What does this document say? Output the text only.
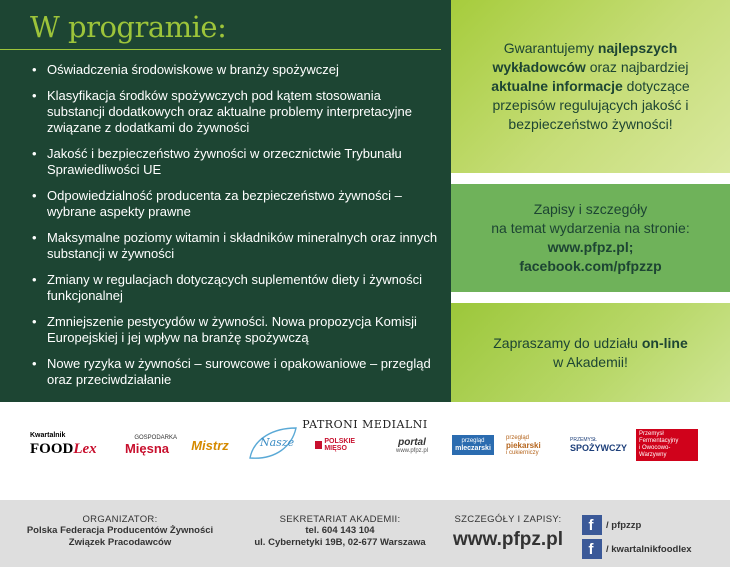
W programie:
• Oświadczenia środowiskowe w branży spożywczej
• Klasyfikacja środków spożywczych pod kątem stosowania substancji dodatkowych oraz aktualne problemy interpretacyjne związane z dodatkami do żywności
• Jakość i bezpieczeństwo żywności w orzecznictwie Trybunału Sprawiedliwości UE
• Odpowiedzialność producenta za bezpieczeństwo żywności – wybrane aspekty prawne
• Maksymalne poziomy witamin i składników mineralnych oraz innych substancji w żywności
• Zmiany w regulacjach dotyczących suplementów diety i żywności funkcjonalnej
• Zmniejszenie pestycydów w żywności. Nowa propozycja Komisji Europejskiej i jej wpływ na branżę spożywczą
• Nowe ryzyka w żywności – surowcowe i opakowaniowe – przegląd oraz przeciwdziałanie

Gwarantujemy najlepszych wykładowców oraz najbardziej aktualne informacje dotyczące przepisów regulujących jakość i bezpieczeństwo żywności!

Zapisy i szczegóły
na temat wydarzenia na stronie:
www.pfpz.pl;
facebook.com/pfpzzp

Zapraszamy do udziału on-line
w Akademii!

PATRONI MEDIALNI
Kwartalnik
FOODLex
GOSPODARKA
Mięsna Mistrz	Nasze	POLSKIE MIĘSO
portal
www.pfpz.pl
przegląd
mleczarski
przegląd
piekarski
i cukierniczy
PRZEMYSŁ
SPOŻYWCZY
Przemysł
Fermentacyjny
i Owocowo-Warzywny
ORGANIZATOR:
Polska Federacja Producentów Żywności
Związek Pracodawców
SEKRETARIAT AKADEMII:
tel. 604 143 104
ul. Cybernetyki 19B, 02-677 Warszawa
SZCZEGÓŁY I ZAPISY:
www.pfpz.pl
f	/ pfpzzp
f	/ kwartalnikfoodlex
